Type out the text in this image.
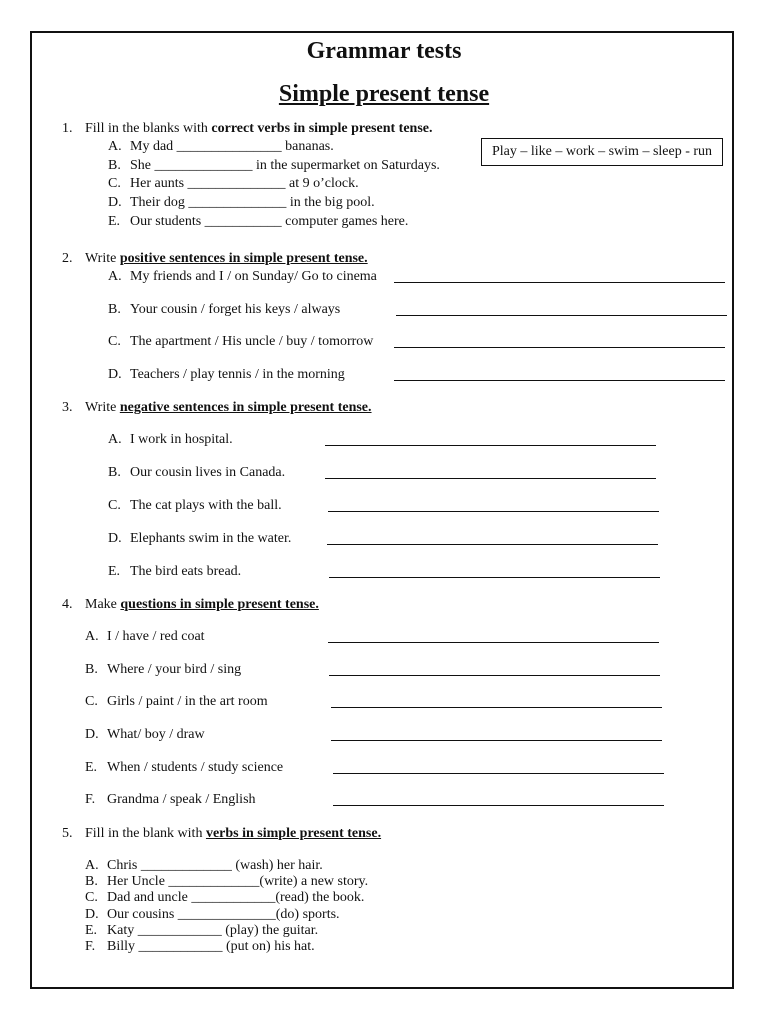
Grammar tests
Simple present tense
1. Fill in the blanks with correct verbs in simple present tense.
Play – like – work – swim – sleep - run
A. My dad _______________ bananas.
B. She ______________ in the supermarket on Saturdays.
C. Her aunts ______________ at 9 o’clock.
D. Their dog ______________ in the big pool.
E. Our students ___________ computer games here.
2. Write positive sentences in simple present tense.
A. My friends and I / on Sunday/ Go to cinema
B. Your cousin / forget his keys / always
C. The apartment / His uncle / buy / tomorrow
D. Teachers / play tennis / in the morning
3. Write negative sentences in simple present tense.
A. I work in hospital.
B. Our cousin lives in Canada.
C. The cat plays with the ball.
D. Elephants swim in the water.
E. The bird eats bread.
4. Make questions in simple present tense.
A. I / have / red coat
B. Where / your bird / sing
C. Girls / paint / in the art room
D. What/ boy / draw
E. When / students / study science
F. Grandma / speak / English
5. Fill in the blank with verbs in simple present tense.
A. Chris _____________ (wash) her hair.
B. Her Uncle _____________(write) a new story.
C. Dad and uncle ____________(read) the book.
D. Our cousins ______________(do) sports.
E. Katy ____________ (play) the guitar.
F. Billy ____________ (put on) his hat.
